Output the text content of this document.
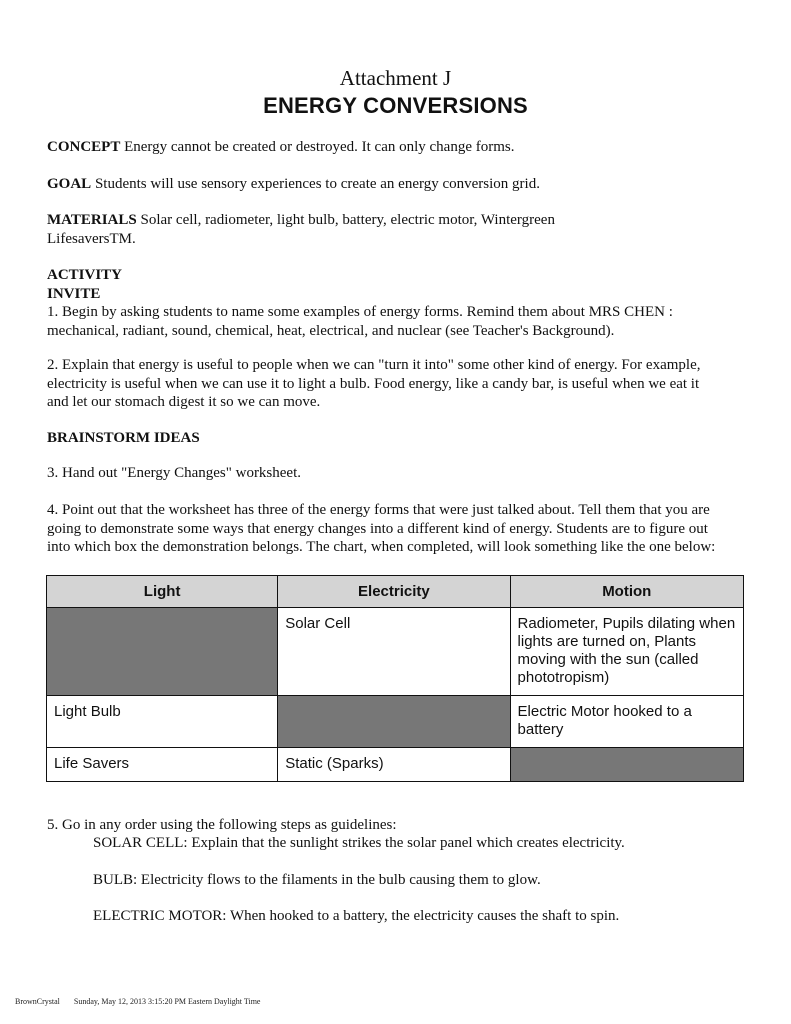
Attachment J
ENERGY CONVERSIONS
CONCEPT Energy cannot be created or destroyed. It can only change forms.
GOAL Students will use sensory experiences to create an energy conversion grid.
MATERIALS Solar cell, radiometer, light bulb, battery, electric motor, Wintergreen
LifesaversTM.
ACTIVITY
INVITE
1. Begin by asking students to name some examples of energy forms. Remind them about MRS CHEN :
mechanical, radiant, sound, chemical, heat, electrical, and nuclear (see Teacher's Background).
2. Explain that energy is useful to people when we can "turn it into" some other kind of energy. For example,
electricity is useful when we can use it to light a bulb. Food energy, like a candy bar, is useful when we eat it
and let our stomach digest it so we can move.
BRAINSTORM IDEAS
3. Hand out "Energy Changes" worksheet.
4. Point out that the worksheet has three of the energy forms that were just talked about. Tell them that you are
going to demonstrate some ways that energy changes into a different kind of energy. Students are to figure out
into which box the demonstration belongs. The chart, when completed, will look something like the one below:
Light	Electricity	Motion

	Solar Cell	Radiometer, Pupils dilating when lights are turned on, Plants moving with the sun (called phototropism)

Light Bulb		Electric Motor hooked to a battery

Life Savers	Static (Sparks)	

5. Go in any order using the following steps as guidelines:
SOLAR CELL: Explain that the sunlight strikes the solar panel which creates electricity.
BULB: Electricity flows to the filaments in the bulb causing them to glow.
ELECTRIC MOTOR: When hooked to a battery, the electricity causes the shaft to spin.
BrownCrystal Sunday, May 12, 2013 3:15:20 PM Eastern Daylight Time
